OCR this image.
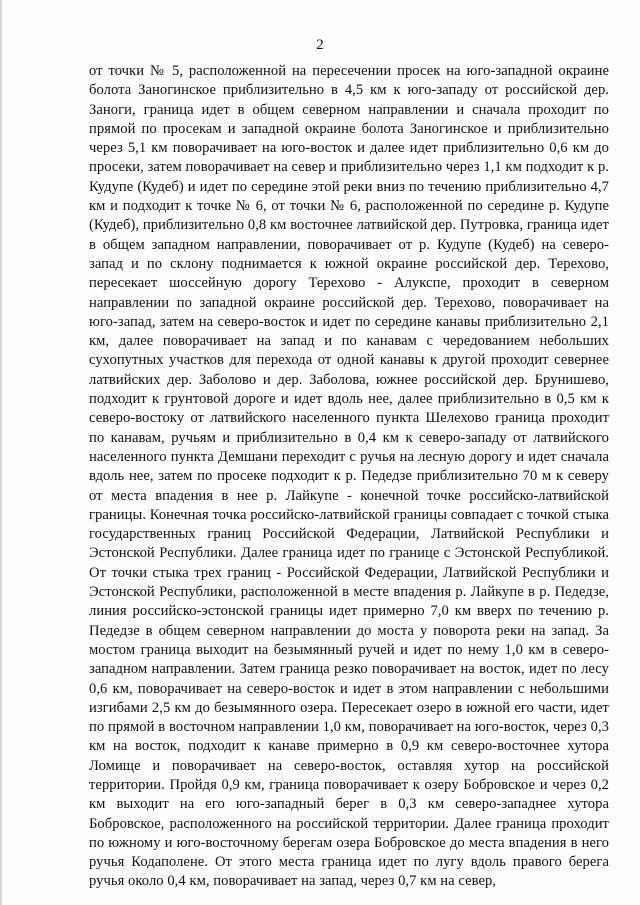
2

от точки № 5, расположенной на пересечении просек на юго-западной окраине болота Заногинское приблизительно в 4,5 км к юго-западу от российской дер. Заноги, граница идет в общем северном направлении и сначала проходит по прямой по просекам и западной окраине болота Заногинское и приблизительно через 5,1 км поворачивает на юго-восток и далее идет приблизительно 0,6 км до просеки, затем поворачивает на север и приблизительно через 1,1 км подходит к р. Кудупе (Кудеб) и идет по середине этой реки вниз по течению приблизительно 4,7 км и подходит к точке № 6, от точки № 6, расположенной по середине р. Кудупе (Кудеб), приблизительно 0,8 км восточнее латвийской дер. Путровка, граница идет в общем западном направлении, поворачивает от р. Кудупе (Кудеб) на северо-запад и по склону поднимается к южной окраине российской дер. Терехово, пересекает шоссейную дорогу Терехово - Алукспе, проходит в северном направлении по западной окраине российской дер. Терехово, поворачивает на юго-запад, затем на северо-восток и идет по середине канавы приблизительно 2,1 км, далее поворачивает на запад и по канавам с чередованием небольших сухопутных участков для перехода от одной канавы к другой проходит севернее латвийских дер. Заболово и дер. Заболова, южнее российской дер. Брунишево, подходит к грунтовой дороге и идет вдоль нее, далее приблизительно в 0,5 км к северо-востоку от латвийского населенного пункта Шелехово граница проходит по канавам, ручьям и приблизительно в 0,4 км к северо-западу от латвийского населенного пункта Демшани переходит с ручья на лесную дорогу и идет сначала вдоль нее, затем по просеке подходит к р. Педедзе приблизительно 70 м к северу от места впадения в нее р. Лайкупе - конечной точке российско-латвийской границы. Конечная точка российско-латвийской границы совпадает с точкой стыка государственных границ Российской Федерации, Латвийской Республики и Эстонской Республики. Далее граница идет по границе с Эстонской Республикой. От точки стыка трех границ - Российской Федерации, Латвийской Республики и Эстонской Республики, расположенной в месте впадения р. Лайкупе в р. Педедзе, линия российско-эстонской границы идет примерно 7,0 км вверх по течению р. Педедзе в общем северном направлении до моста у поворота реки на запад. За мостом граница выходит на безымянный ручей и идет по нему 1,0 км в северо-западном направлении. Затем граница резко поворачивает на восток, идет по лесу 0,6 км, поворачивает на северо-восток и идет в этом направлении с небольшими изгибами 2,5 км до безымянного озера. Пересекает озеро в южной его части, идет по прямой в восточном направлении 1,0 км, поворачивает на юго-восток, через 0,3 км на восток, подходит к канаве примерно в 0,9 км северо-восточнее хутора Ломище и поворачивает на северо-восток, оставляя хутор на российской территории. Пройдя 0,9 км, граница поворачивает к озеру Бобровское и через 0,2 км выходит на его юго-западный берег в 0,3 км северо-западнее хутора Бобровское, расположенного на российской территории. Далее граница проходит по южному и юго-восточному берегам озера Бобровское до места впадения в него ручья Кодаполене. От этого места граница идет по лугу вдоль правого берега ручья около 0,4 км, поворачивает на запад, через 0,7 км на север,
